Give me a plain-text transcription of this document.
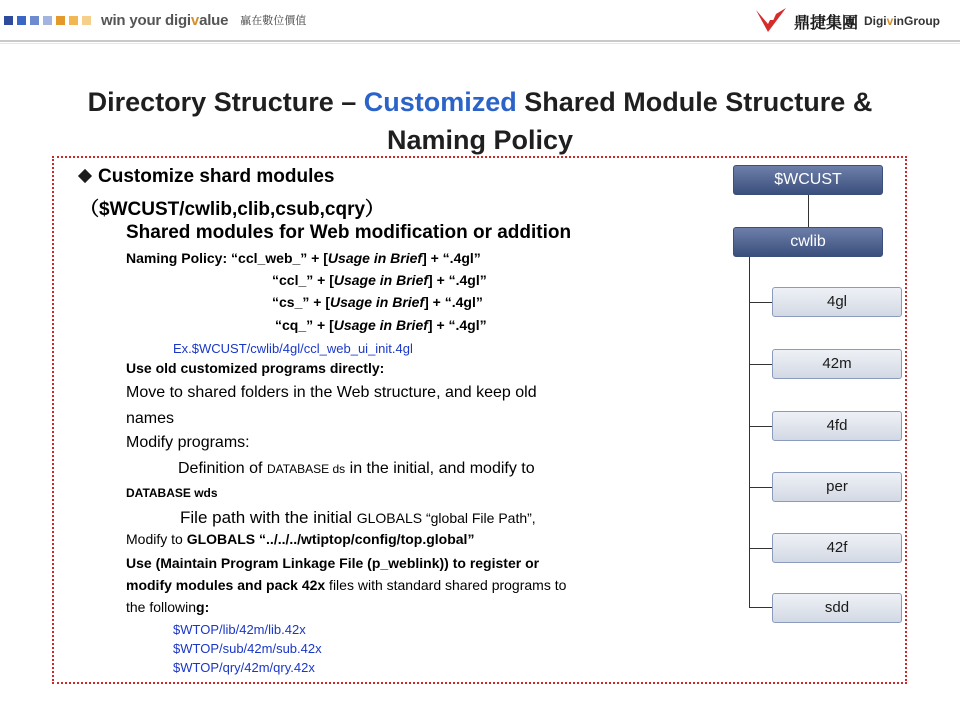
win your digivalue 贏在數位價值	鼎捷集團 DigivinGroup
Directory Structure – Customized Shared Module Structure &
Naming Policy
Customize shard modules
（$WCUST/cwlib,clib,csub,cqry）
Shared modules for Web modification or addition
Naming Policy: “ccl_web_” + [Usage in Brief] + “.4gl”
“ccl_” + [Usage in Brief] + “.4gl”
“cs_” + [Usage in Brief] + “.4gl”
“cq_” + [Usage in Brief] + “.4gl”
Ex.$WCUST/cwlib/4gl/ccl_web_ui_init.4gl
Use old customized programs directly:
Move to shared folders in the Web structure, and keep old
names
Modify programs:
Definition of DATABASE ds in the initial, and modify to
DATABASE wds
File path with the initial GLOBALS “global File Path”,
Modify to GLOBALS “../../../wtiptop/config/top.global”
Use (Maintain Program Linkage File (p_weblink)) to register or
modify modules and pack 42x files with standard shared programs to
the following:
$WTOP/lib/42m/lib.42x
$WTOP/sub/42m/sub.42x
$WTOP/qry/42m/qry.42x
$WCUST
cwlib
4gl
42m
4fd
per
42f
sdd
